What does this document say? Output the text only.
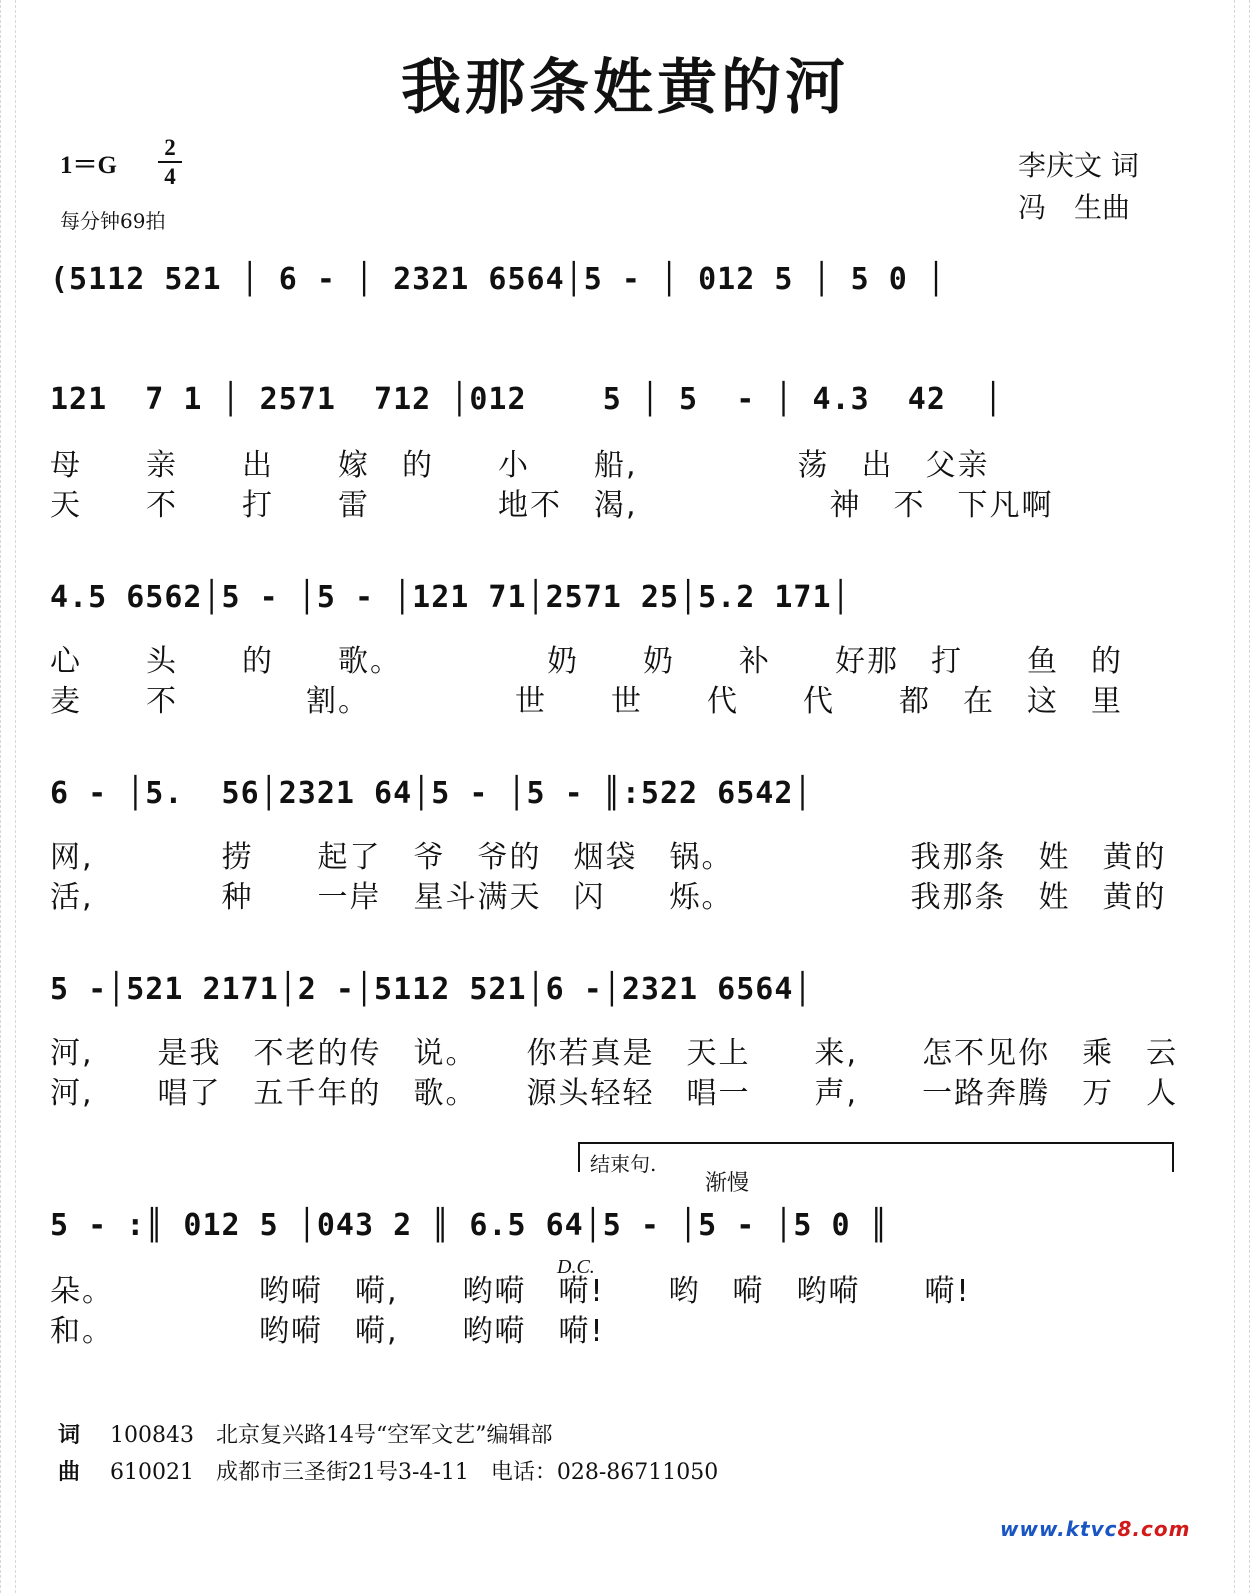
我那条姓黄的河
$1=G \frac{2}{4}$
每分钟69拍
李庆文 词
冯　生曲
(5112 521 │ 6 - │ 2321 6564│5 - │ 012 5 │ 5 0 │
121  7 1 │ 2571  712 │012    5 │ 5  - │ 4.3  42  │
母　　亲　　出　　嫁　的　　小　　船,　　　　　荡　出　父亲
天　　不　　打　　雷　　　　地不　渴,　　　　　　神　不　下凡啊
4.5 6562│5 - │5 - │121 71│2571 25│5.2 171│
心　　头　　的　　歌。　　　　　奶　　奶　　补　　好那　打　　鱼　的
麦　　不　　　　割。　　　　　世　　世　　代　　代　　都　在　这　里
6 - │5.  56│2321 64│5 - │5 - ║:522 6542│
网,　　　　捞　　起了　爷　爷的　烟袋　锅。　　　　　　我那条　姓　黄的
活,　　　　种　　一岸　星斗满天　闪　　烁。　　　　　　我那条　姓　黄的
5 -│521 2171│2 -│5112 521│6 -│2321 6564│
河,　　是我　不老的传　说。　　你若真是　天上　　来,　　怎不见你　乘　云
河,　　唱了　五千年的　歌。　　源头轻轻　唱一　　声,　　一路奔腾　万　人
结束句.
渐慢
D.C.
5 - :║ 012 5 │043 2 ║ 6.5 64│5 - │5 - │5 0 ║
朵。　　　　　哟嗬　嗬,　　哟嗬　嗬!　　哟　嗬　哟嗬　　嗬!
和。　　　　　哟嗬　嗬,　　哟嗬　嗬!
词 100843　北京复兴路14号“空军文艺”编辑部
曲 610021　成都市三圣街21号3-4-11　电话：028-86711050
www.ktvc8.com
